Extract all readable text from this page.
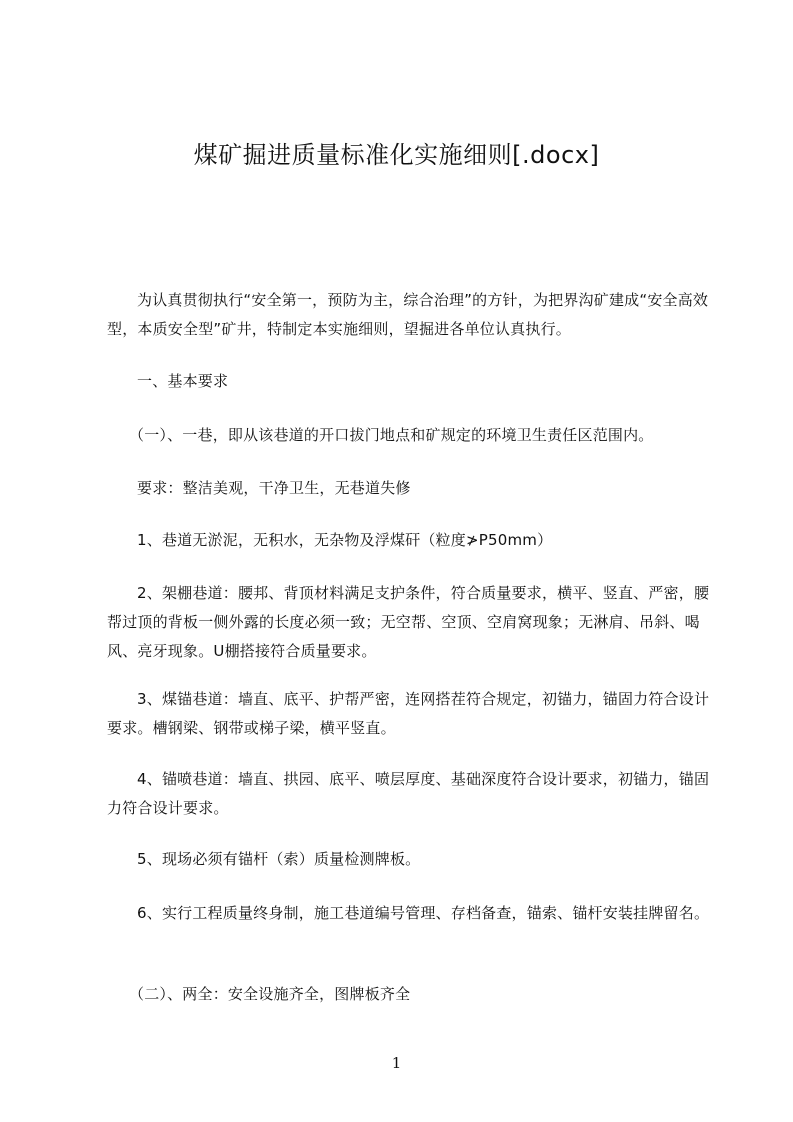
煤矿掘进质量标准化实施细则[.docx]

为认真贯彻执行“安全第一，预防为主，综合治理”的方针，为把界沟矿建成“安全高效型，本质安全型”矿井，特制定本实施细则，望掘进各单位认真执行。

一、基本要求

（一）、一巷，即从该巷道的开口拔门地点和矿规定的环境卫生责任区范围内。

要求：整洁美观，干净卫生，无巷道失修

1、巷道无淤泥，无积水，无杂物及浮煤矸（粒度≯P50mm）

2、架棚巷道：腰邦、背顶材料满足支护条件，符合质量要求，横平、竖直、严密，腰帮过顶的背板一侧外露的长度必须一致；无空帮、空顶、空肩窝现象；无淋肩、吊斜、喝风、亮牙现象。U棚搭接符合质量要求。

3、煤锚巷道：墙直、底平、护帮严密，连网搭茬符合规定，初锚力，锚固力符合设计要求。槽钢梁、钢带或梯子梁，横平竖直。

4、锚喷巷道：墙直、拱园、底平、喷层厚度、基础深度符合设计要求，初锚力，锚固力符合设计要求。

5、现场必须有锚杆（索）质量检测牌板。

6、实行工程质量终身制，施工巷道编号管理、存档备查，锚索、锚杆安装挂牌留名。

（二）、两全：安全设施齐全，图牌板齐全

1
